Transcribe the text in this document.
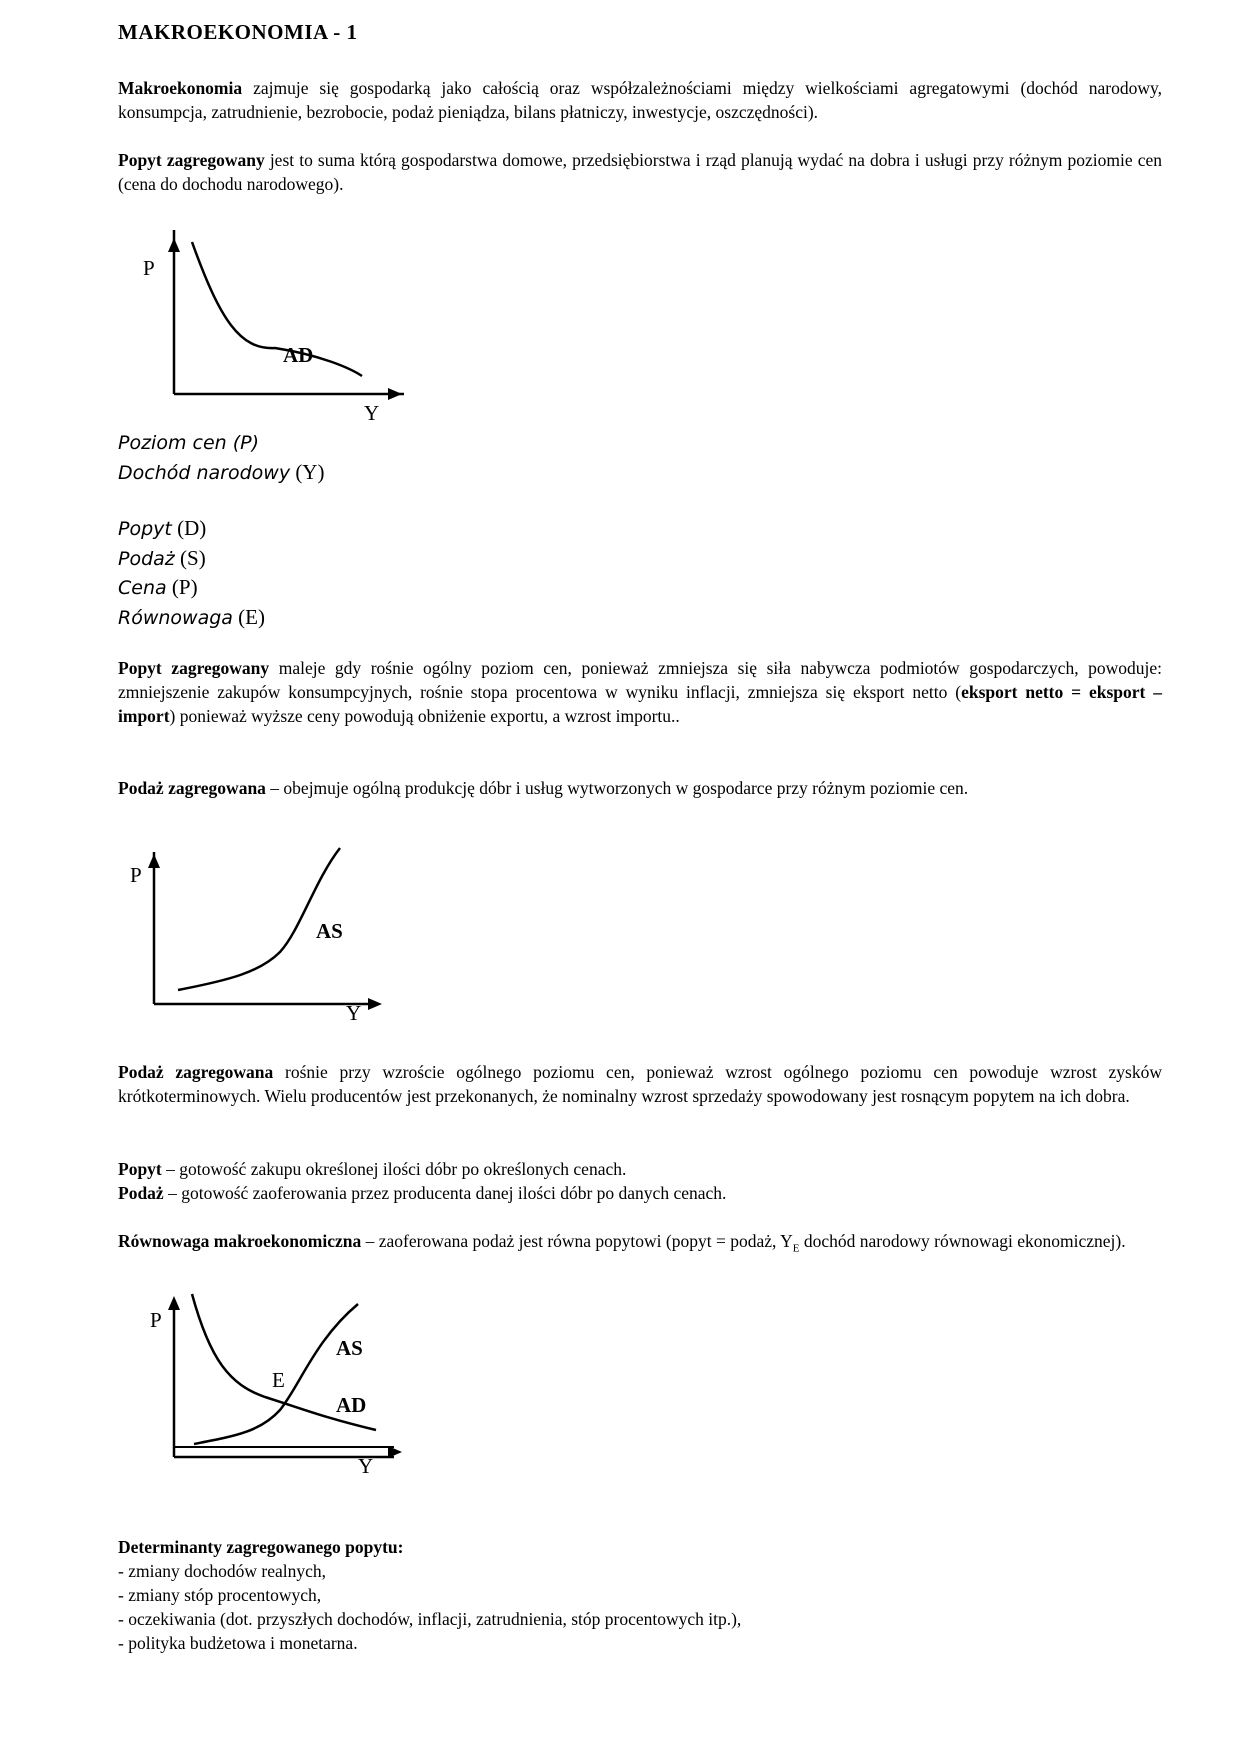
MAKROEKONOMIA - 1
Makroekonomia zajmuje się gospodarką jako całością oraz współzależnościami między wielkościami agregatowymi (dochód narodowy, konsumpcja, zatrudnienie, bezrobocie, podaż pieniądza, bilans płatniczy, inwestycje, oszczędności).
Popyt zagregowany jest to suma którą gospodarstwa domowe, przedsiębiorstwa i rząd planują wydać na dobra i usługi przy różnym poziomie cen (cena do dochodu narodowego).
P
Y
AD
Poziom cen (P)
Dochód narodowy (Y)
Popyt (D)
Podaż (S)
Cena (P)
Równowaga (E)
Popyt zagregowany maleje gdy rośnie ogólny poziom cen, ponieważ zmniejsza się siła nabywcza podmiotów gospodarczych, powoduje: zmniejszenie zakupów konsumpcyjnych, rośnie stopa procentowa w wyniku inflacji, zmniejsza się eksport netto (eksport netto = eksport – import) ponieważ wyższe ceny powodują obniżenie exportu, a wzrost importu..
Podaż zagregowana – obejmuje ogólną produkcję dóbr i usług wytworzonych w gospodarce przy różnym poziomie cen.
P
Y
AS
Podaż zagregowana rośnie przy wzroście ogólnego poziomu cen, ponieważ wzrost ogólnego poziomu cen powoduje wzrost zysków krótkoterminowych. Wielu producentów jest przekonanych, że nominalny wzrost sprzedaży spowodowany jest rosnącym popytem na ich dobra.
Popyt – gotowość zakupu określonej ilości dóbr po określonych cenach.
Podaż – gotowość zaoferowania przez producenta danej ilości dóbr po danych cenach.
Równowaga makroekonomiczna – zaoferowana podaż jest równa popytowi (popyt = podaż, $Y_E$ dochód narodowy równowagi ekonomicznej).
P
Y
AS
AD
E
Determinanty zagregowanego popytu:
- zmiany dochodów realnych,
- zmiany stóp procentowych,
- oczekiwania (dot. przyszłych dochodów, inflacji, zatrudnienia, stóp procentowych itp.),
- polityka budżetowa i monetarna.
